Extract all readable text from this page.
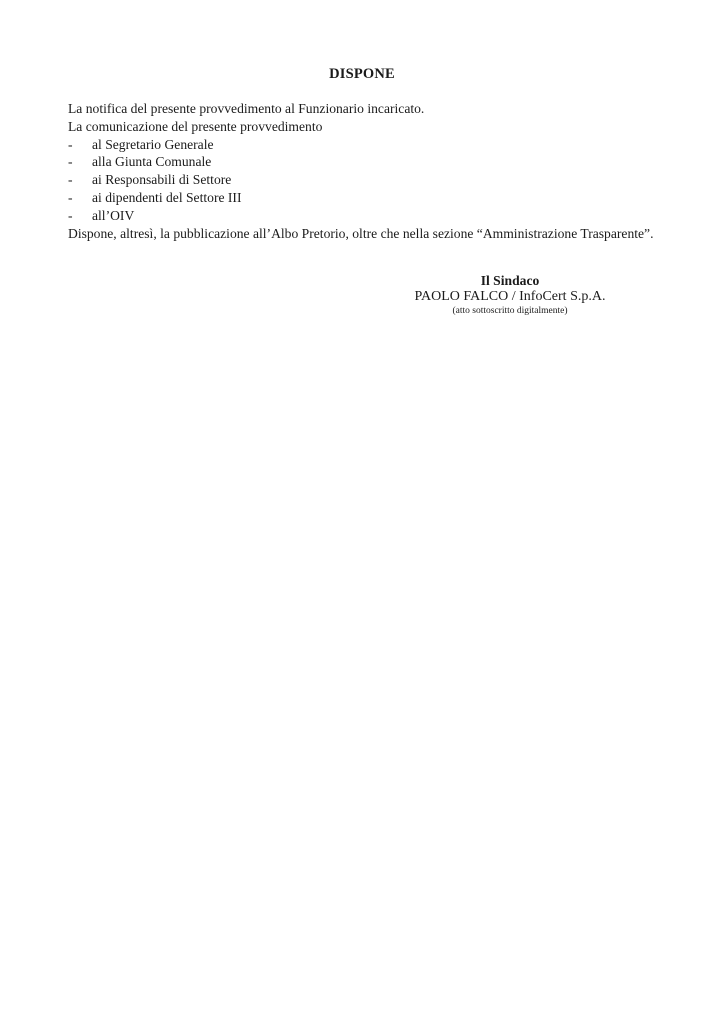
DISPONE
La notifica del presente provvedimento al Funzionario incaricato.
La comunicazione del presente provvedimento
-	al Segretario Generale
-	alla Giunta Comunale
-	ai Responsabili di Settore
-	ai dipendenti del Settore III
-	all’OIV
Dispone, altresì, la pubblicazione all’Albo Pretorio, oltre che nella sezione “Amministrazione Trasparente”.
Il Sindaco
PAOLO FALCO / InfoCert S.p.A.
(atto sottoscritto digitalmente)
